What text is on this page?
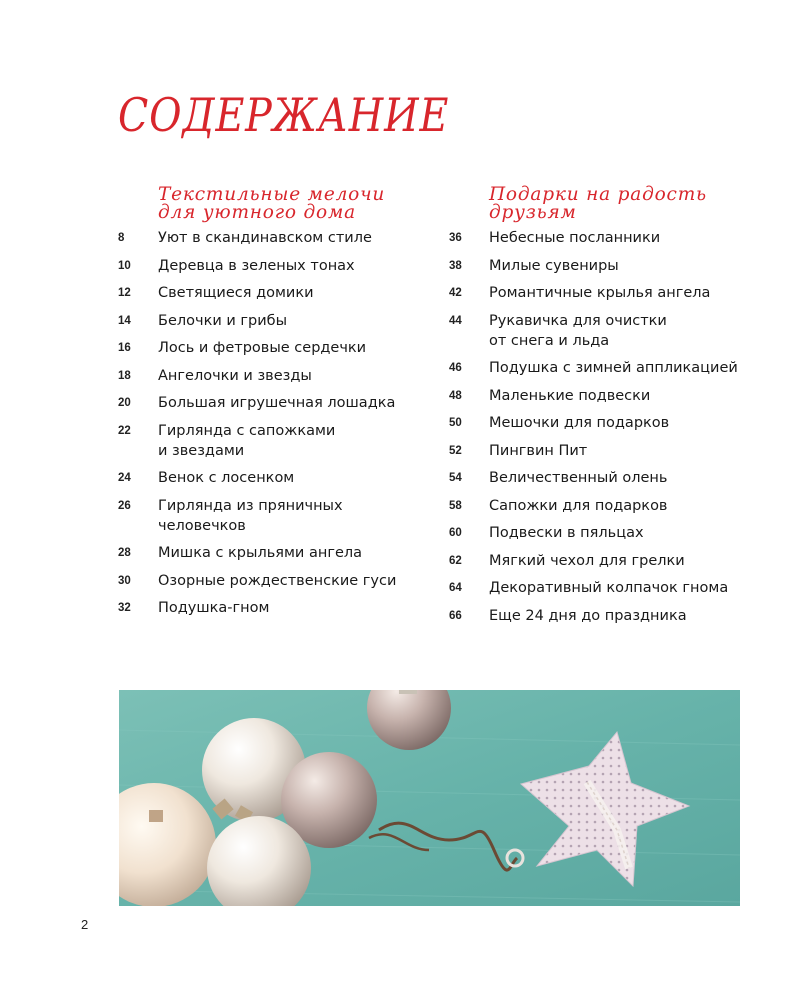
СОДЕРЖАНИЕ
Текстильные мелочи
для уютного дома
8	Уют в скандинавском стиле
10	Деревца в зеленых тонах
12	Светящиеся домики
14	Белочки и грибы
16	Лось и фетровые сердечки
18	Ангелочки и звезды
20	Большая игрушечная лошадка
22	Гирлянда с сапожками
и звездами
24	Венок с лосенком
26	Гирлянда из пряничных
человечков
28	Мишка с крыльями ангела
30	Озорные рождественские гуси
32	Подушка-гном
Подарки на радость
друзьям
36	Небесные посланники
38	Милые сувениры
42	Романтичные крылья ангела
44	Рукавичка для очистки
от снега и льда
46	Подушка с зимней аппликацией
48	Маленькие подвески
50	Мешочки для подарков
52	Пингвин Пит
54	Величественный олень
58	Сапожки для подарков
60	Подвески в пяльцах
62	Мягкий чехол для грелки
64	Декоративный колпачок гнома
66	Еще 24 дня до праздника
2
